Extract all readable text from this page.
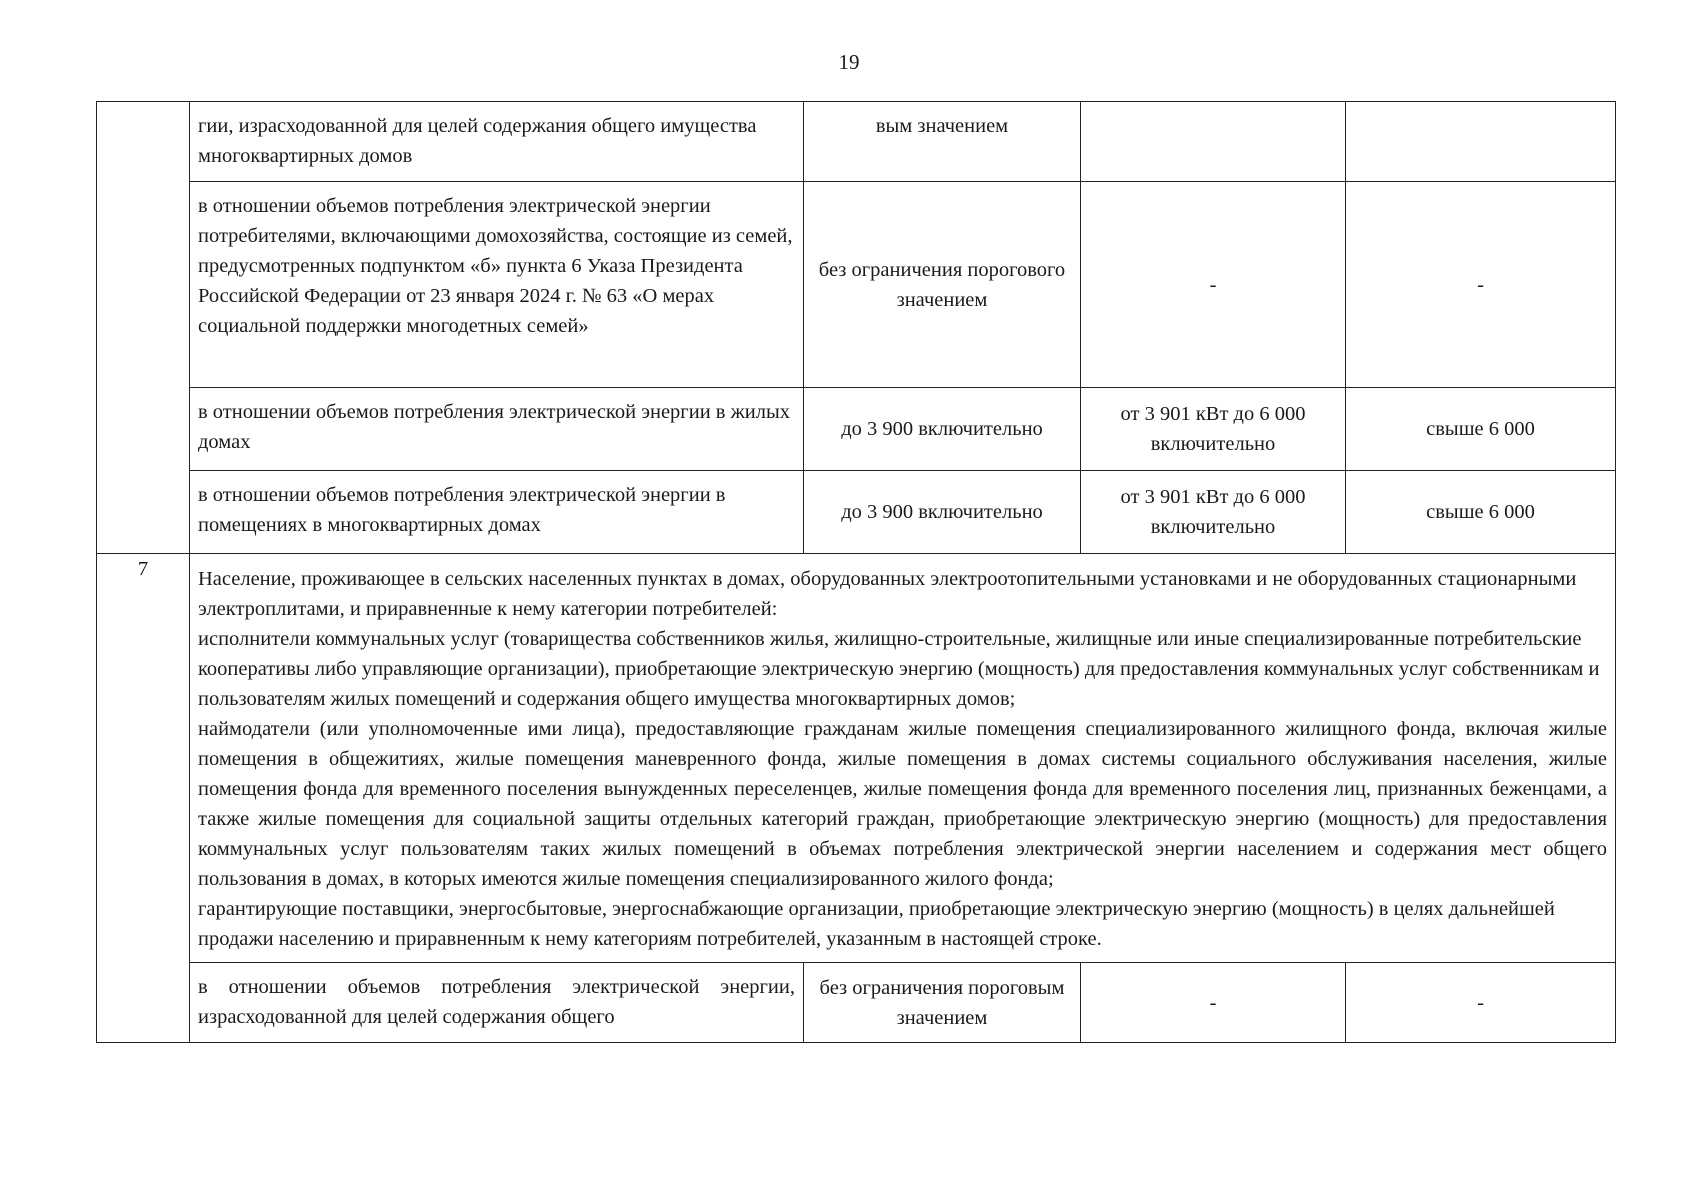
19

	гии, израсходованной для целей содержания общего имущества многоквартирных домов	вым значением		

	в отношении объемов потребления электрической энергии потребителями, включающими домохозяйства, состоящие из семей, предусмотренных подпунктом «б» пункта 6 Указа Президента Российской Федерации от 23 января 2024 г. № 63 «О мерах социальной поддержки многодетных семей»	без ограничения порогового значением	-	-

	в отношении объемов потребления электрической энергии в жилых домах	до 3 900 включительно	от 3 901 кВт до 6 000 включительно	свыше 6 000

	в отношении объемов потребления электрической энергии в помещениях в многоквартирных домах	до 3 900 включительно	от 3 901 кВт до 6 000 включительно	свыше 6 000

7	Население, проживающее в сельских населенных пунктах в домах, оборудованных электроотопительными установками и не оборудованных стационарными электроплитами, и приравненные к нему категории потребителей:

исполнители коммунальных услуг (товарищества собственников жилья, жилищно-строительные, жилищные или иные специализированные потребительские кооперативы либо управляющие организации), приобретающие электрическую энергию (мощность) для предоставления коммунальных услуг собственникам и пользователям жилых помещений и содержания общего имущества многоквартирных домов;

наймодатели (или уполномоченные ими лица), предоставляющие гражданам жилые помещения специализированного жилищного фонда, включая жилые помещения в общежитиях, жилые помещения маневренного фонда, жилые помещения в домах системы социального обслуживания населения, жилые помещения фонда для временного поселения вынужденных переселенцев, жилые помещения фонда для временного поселения лиц, признанных беженцами, а также жилые помещения для социальной защиты отдельных категорий граждан, приобретающие электрическую энергию (мощность) для предоставления коммунальных услуг пользователям таких жилых помещений в объемах потребления электрической энергии населением и содержания мест общего пользования в домах, в которых имеются жилые помещения специализированного жилого фонда;

гарантирующие поставщики, энергосбытовые, энергоснабжающие организации, приобретающие электрическую энергию (мощность) в целях дальнейшей продажи населению и приравненным к нему категориям потребителей, указанным в настоящей строке.			

	в отношении объемов потребления электрической энергии, израсходованной для целей содержания общего	без ограничения пороговым значением	-	-
